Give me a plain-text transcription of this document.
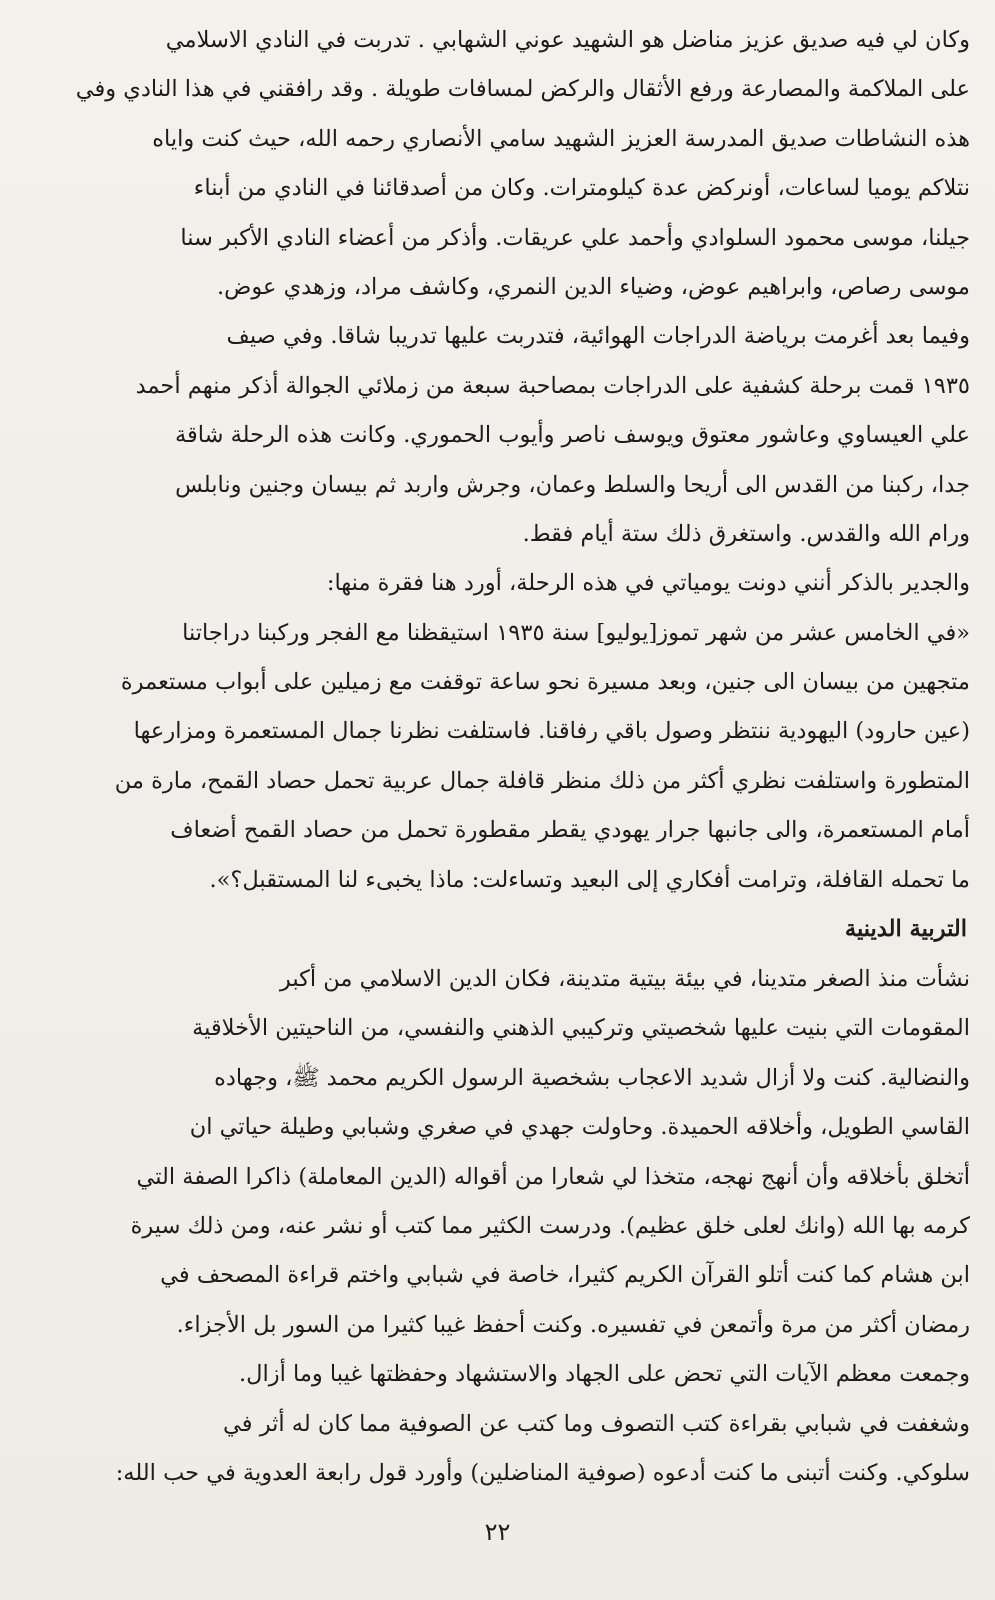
وكان لي فيه صديق عزيز مناضل هو الشهيد عوني الشهابي . تدربت في النادي الاسلامي
على الملاكمة والمصارعة ورفع الأثقال والركض لمسافات طويلة . وقد رافقني في هذا النادي وفي
هذه النشاطات صديق المدرسة العزيز الشهيد سامي الأنصاري رحمه الله، حيث كنت واياه
نتلاكم يوميا لساعات، أونركض عدة كيلومترات. وكان من أصدقائنا في النادي من أبناء
جيلنا، موسى محمود السلوادي وأحمد علي عريقات. وأذكر من أعضاء النادي الأكبر سنا
موسى رصاص، وابراهيم عوض، وضياء الدين النمري، وكاشف مراد، وزهدي عوض.
وفيما بعد أغرمت برياضة الدراجات الهوائية، فتدربت عليها تدريبا شاقا. وفي صيف
١٩٣٥ قمت برحلة كشفية على الدراجات بمصاحبة سبعة من زملائي الجوالة أذكر منهم أحمد
علي العيساوي وعاشور معتوق ويوسف ناصر وأيوب الحموري. وكانت هذه الرحلة شاقة
جدا، ركبنا من القدس الى أريحا والسلط وعمان، وجرش واربد ثم بيسان وجنين ونابلس
ورام الله والقدس. واستغرق ذلك ستة أيام فقط.
والجدير بالذكر أنني دونت يومياتي في هذه الرحلة، أورد هنا فقرة منها:
«في الخامس عشر من شهر تموز[يوليو] سنة ١٩٣٥ استيقظنا مع الفجر وركبنا دراجاتنا
متجهين من بيسان الى جنين، وبعد مسيرة نحو ساعة توقفت مع زميلين على أبواب مستعمرة
(عين حارود) اليهودية ننتظر وصول باقي رفاقنا. فاستلفت نظرنا جمال المستعمرة ومزارعها
المتطورة واستلفت نظري أكثر من ذلك منظر قافلة جمال عربية تحمل حصاد القمح، مارة من
أمام المستعمرة، والى جانبها جرار يهودي يقطر مقطورة تحمل من حصاد القمح أضعاف
ما تحمله القافلة، وترامت أفكاري إلى البعيد وتساءلت: ماذا يخبىء لنا المستقبل؟».
التربية الدينية
نشأت منذ الصغر متدينا، في بيئة بيتية متدينة، فكان الدين الاسلامي من أكبر
المقومات التي بنيت عليها شخصيتي وتركيبي الذهني والنفسي، من الناحيتين الأخلاقية
والنضالية. كنت ولا أزال شديد الاعجاب بشخصية الرسول الكريم محمد ﷺ، وجهاده
القاسي الطويل، وأخلاقه الحميدة. وحاولت جهدي في صغري وشبابي وطيلة حياتي ان
أتخلق بأخلاقه وأن أنهج نهجه، متخذا لي شعارا من أقواله (الدين المعاملة) ذاكرا الصفة التي
كرمه بها الله (وانك لعلى خلق عظيم). ودرست الكثير مما كتب أو نشر عنه، ومن ذلك سيرة
ابن هشام كما كنت أتلو القرآن الكريم كثيرا، خاصة في شبابي واختم قراءة المصحف في
رمضان أكثر من مرة وأتمعن في تفسيره. وكنت أحفظ غيبا كثيرا من السور بل الأجزاء.
وجمعت معظم الآيات التي تحض على الجهاد والاستشهاد وحفظتها غيبا وما أزال.
وشغفت في شبابي بقراءة كتب التصوف وما كتب عن الصوفية مما كان له أثر في
سلوكي. وكنت أتبنى ما كنت أدعوه (صوفية المناضلين) وأورد قول رابعة العدوية في حب الله:
٢٢
